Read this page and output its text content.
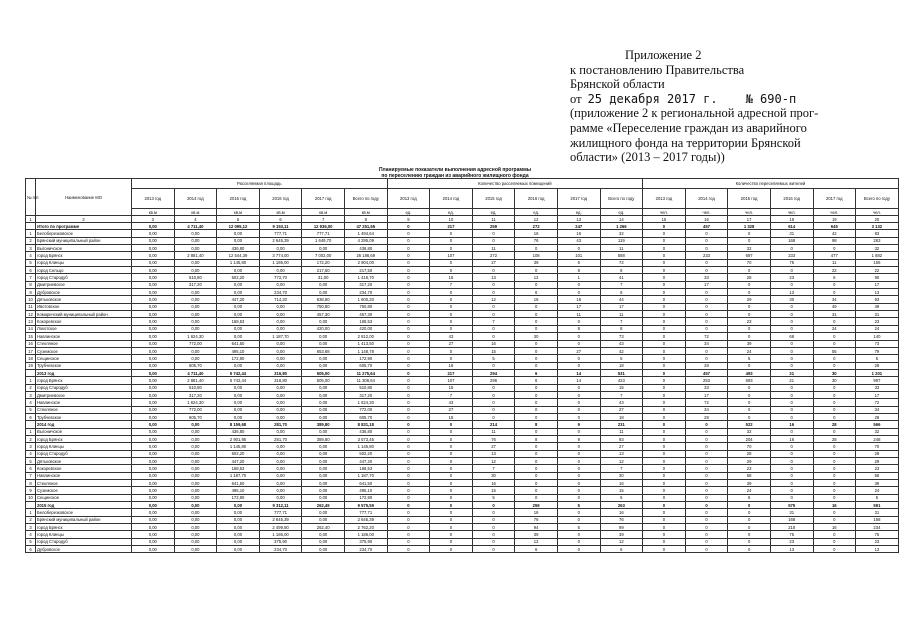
Приложение 2
к постановлению Правительства
Брянской области
от 25 декабря 2017 г. № 690-п
(приложение 2 к региональной адресной прог-
рамме «Переселение граждан из аварийного
жилищного фонда на территории Брянской
области» (2013 – 2017 годы))
Планируемые показатели выполнения адресной программы
по переселению граждан из аварийного жилищного фонда
№ п/п	Наименование МО	Расселяемая площадь						Количество расселяемых помещений						Количество переселяемых жителей					
		2013 год	2014 год	2015 год	2016 год	2017 год	Всего по году	2013 год	2014 год	2015 год	2016 год	2017 год	Всего по году	2013 год	2014 год	2015 год	2016 год	2017 год	Всего по году
		кв.м	кв.м	кв.м	кв.м	кв.м	кв.м	ед.	ед.	ед.	ед.	ед.	ед.	чел.	чел.	чел.	чел.	чел.	чел.
1	2	3	4	5	6	7	8	9	10	11	12	13	14	15	16	17	18	19	20
	Итого по программе	0,00	4 711,40	12 095,12	9 153,11	12 936,00	47 251,55	0	217	259	272	247	1 266	0	457	1 328	614	645	3 132
1	Белоберезковское	0,00	0,00	0,00	777,71	777,71	1 494,64	0	0	0	16	16	32	0	0	0	31	42	83
2	Брянский муниципальный район	0,00	0,00	0,00	2 645,39	1 649,70	4 295,09	0	0	0	76	43	119	0	0	0	168	98	263
3	Выгоничское	0,00	0,00	436,80	0,00	0,00	436,80	0	0	11	0	0	11	0	0	32	0	0	32
4	город Брянск	0,00	2 881,40	12 544,39	3 774,00	7 002,00	26 186,69	0	107	272	108	101	588	0	233	697	233	477	1 882
5	город Клинцы	0,00	0,00	1 145,80	1 186,00	172,20	2 904,00	0	0	27	39	6	72	0	0	70	75	11	156
6	город Сельцо	0,00	0,00	0,00	0,00	217,50	217,50	0	0	0	0	8	8	0	0	0	0	22	22
7	город Стародуб	0,00	510,80	502,20	772,70	31,00	1 416,70	0	15	13	12	1	41	0	33	28	23	6	90
8	Дмитриевское	0,00	317,20	0,00	0,00	0,00	317,20	0	7	0	0	0	7	0	17	0	0	0	17
9	Дубровское	0,00	0,00	0,00	234,70	0,00	234,70	0	0	0	6	0	6	0	0	0	13	0	13
10	Дятьковское	0,00	0,00	447,20	714,20	838,80	1 600,20	0	0	12	16	16	44	0	0	29	30	34	93
11	Ивотовское	0,00	0,00	0,00	0,00	750,80	750,80	0	0	0	0	17	17	0	0	0	0	49	49
12	Комаричский муниципальный район	0,00	0,00	0,00	0,00	457,30	457,30	0	0	0	0	11	11	0	0	0	0	31	31
13	Кокоревское	0,00	0,00	168,53	0,00	0,00	168,53	0	0	7	0	0	7	0	0	23	0	0	23
14	Локотское	0,00	0,00	0,00	0,00	420,00	420,00	0	0	0	0	8	8	0	0	0	0	24	24
15	Навлинское	0,00	1 624,30	0,00	1 187,70	0,00	2 812,00	0	43	0	30	0	73	0	72	0	68	0	140
16	Стекляное	0,00	772,00	641,50	0,00	0,00	1 413,50	0	27	16	0	0	43	0	34	39	0	0	73
17	Суземское	0,00	0,00	495,10	0,00	653,68	1 148,78	0	0	15	0	27	42	0	0	24	0	55	79
18	Сещинское	0,00	0,00	172,90	0,00	0,00	172,90	0	0	5	0	0	5	0	0	5	0	0	5
19	Трубчевское	0,00	605,70	0,00	0,00	0,00	605,70	0	18	0	0	0	18	0	28	0	0	0	28
	2013 год	0,00	4 711,40	5 742,44	316,80	505,00	11 275,64	0	217	294	6	14	531	0	457	493	21	30	1 201
1	город Брянск	0,00	2 881,40	5 742,44	316,80	505,00	11 308,64	0	107	296	6	14	423	0	253	693	21	30	997
2	город Стародуб	0,00	510,80	0,00	0,00	0,00	510,80	0	15	0	0	0	15	0	33	0	0	0	33
3	Дмитриевское	0,00	317,20	0,00	0,00	0,00	317,20	0	7	0	0	0	7	0	17	0	0	0	17
4	Навлинское	0,00	1 624,30	0,00	0,00	0,00	1 624,30	0	43	0	0	0	43	0	72	0	0	0	72
5	Стекляное	0,00	772,00	0,00	0,00	0,00	772,00	0	27	0	0	0	27	0	34	0	0	0	34
6	Трубчевское	0,00	605,70	0,00	0,00	0,00	605,70	0	18	0	0	0	18	0	28	0	0	0	28
	2014 год	0,00	0,00	8 159,68	281,70	389,80	8 831,18	0	0	214	8	9	231	0	0	522	16	28	566
1	Выгоничское	0,00	0,00	436,80	0,00	0,00	436,80	0	0	11	0	0	11	0	0	32	0	0	32
2	город Брянск	0,00	0,00	2 901,95	281,70	389,80	3 573,45	0	0	76	8	9	93	0	0	204	16	28	248
3	город Клинцы	0,00	0,00	1 145,80	0,00	0,00	1 145,80	0	0	27	0	0	27	0	0	70	0	0	70
4	город Стародуб	0,00	0,00	502,20	0,00	0,00	502,20	0	0	13	0	0	13	0	0	28	0	0	28
5	Дятьковское	0,00	0,00	447,20	0,00	0,00	447,20	0	0	12	0	0	12	0	0	29	0	0	29
6	Кокоревское	0,00	0,00	168,53	0,00	0,00	168,53	0	0	7	0	0	7	0	0	23	0	0	23
7	Навлинское	0,00	0,00	1 187,70	0,00	0,00	1 187,70	0	0	30	0	0	30	0	0	68	0	0	68
8	Стекляное	0,00	0,00	641,50	0,00	0,00	641,50	0	0	16	0	0	16	0	0	39	0	0	39
9	Суземское	0,00	0,00	495,10	0,00	0,00	495,10	0	0	15	0	0	15	0	0	24	0	0	24
10	Сещинское	0,00	0,00	172,90	0,00	0,00	172,90	0	0	5	0	0	5	0	0	5	0	0	5
	2015 год	0,00	0,00	0,00	9 312,11	262,49	9 575,59	0	0	0	259	5	263	0	0	0	575	16	591
1	Белоберезковское	0,00	0,00	0,00	777,71	0,00	777,71	0	0	0	16	0	16	0	0	0	31	0	31
2	Брянский муниципальный район	0,00	0,00	0,00	2 645,39	0,00	2 645,39	0	0	0	76	0	76	0	0	0	168	0	168
3	город Брянск	0,00	0,00	0,00	2 499,80	262,40	2 762,20	0	0	0	94	5	99	0	0	0	218	16	234
4	город Клинцы	0,00	0,00	0,00	1 186,00	0,00	1 186,00	0	0	0	39	0	39	0	0	0	75	0	75
5	город Стародуб	0,00	0,00	0,00	375,90	0,00	375,90	0	0	0	12	0	12	0	0	0	23	0	23
6	Дубровское	0,00	0,00	0,00	234,70	0,00	234,70	0	0	0	6	0	6	0	0	0	13	0	13
